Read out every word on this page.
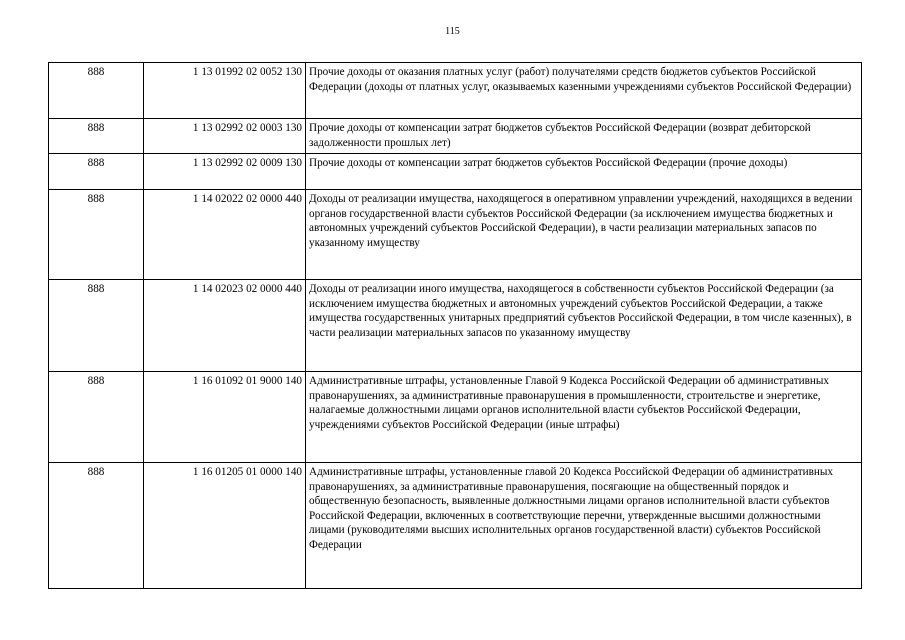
115
888	1 13 01992 02 0052 130	Прочие доходы от оказания платных услуг (работ) получателями средств бюджетов субъектов Российской Федерации (доходы от платных услуг, оказываемых казенными учреждениями субъектов Российской Федерации)
888	1 13 02992 02 0003 130	Прочие доходы от компенсации затрат бюджетов субъектов Российской Федерации (возврат дебиторской задолженности прошлых лет)
888	1 13 02992 02 0009 130	Прочие доходы от компенсации затрат бюджетов субъектов Российской Федерации (прочие доходы)
888	1 14 02022 02 0000 440	Доходы от реализации имущества, находящегося в оперативном управлении учреждений, находящихся в ведении органов государственной власти субъектов Российской Федерации (за исключением имущества бюджетных и автономных учреждений субъектов Российской Федерации), в части реализации материальных запасов по указанному имуществу
888	1 14 02023 02 0000 440	Доходы от реализации иного имущества, находящегося в собственности субъектов Российской Федерации (за исключением имущества бюджетных и автономных учреждений субъектов Российской Федерации, а также имущества государственных унитарных предприятий субъектов Российской Федерации, в том числе казенных), в части реализации материальных запасов по указанному имуществу
888	1 16 01092 01 9000 140	Административные штрафы, установленные Главой 9 Кодекса Российской Федерации об административных правонарушениях, за административные правонарушения в промышленности, строительстве и энергетике, налагаемые должностными лицами органов исполнительной власти субъектов Российской Федерации, учреждениями субъектов Российской Федерации (иные штрафы)
888	1 16 01205 01 0000 140	Административные штрафы, установленные главой 20 Кодекса Российской Федерации об административных правонарушениях, за административные правонарушения, посягающие на общественный порядок и общественную безопасность, выявленные должностными лицами органов исполнительной власти субъектов Российской Федерации, включенных в соответствующие перечни, утвержденные высшими должностными лицами (руководителями высших исполнительных органов государственной власти) субъектов Российской Федерации
